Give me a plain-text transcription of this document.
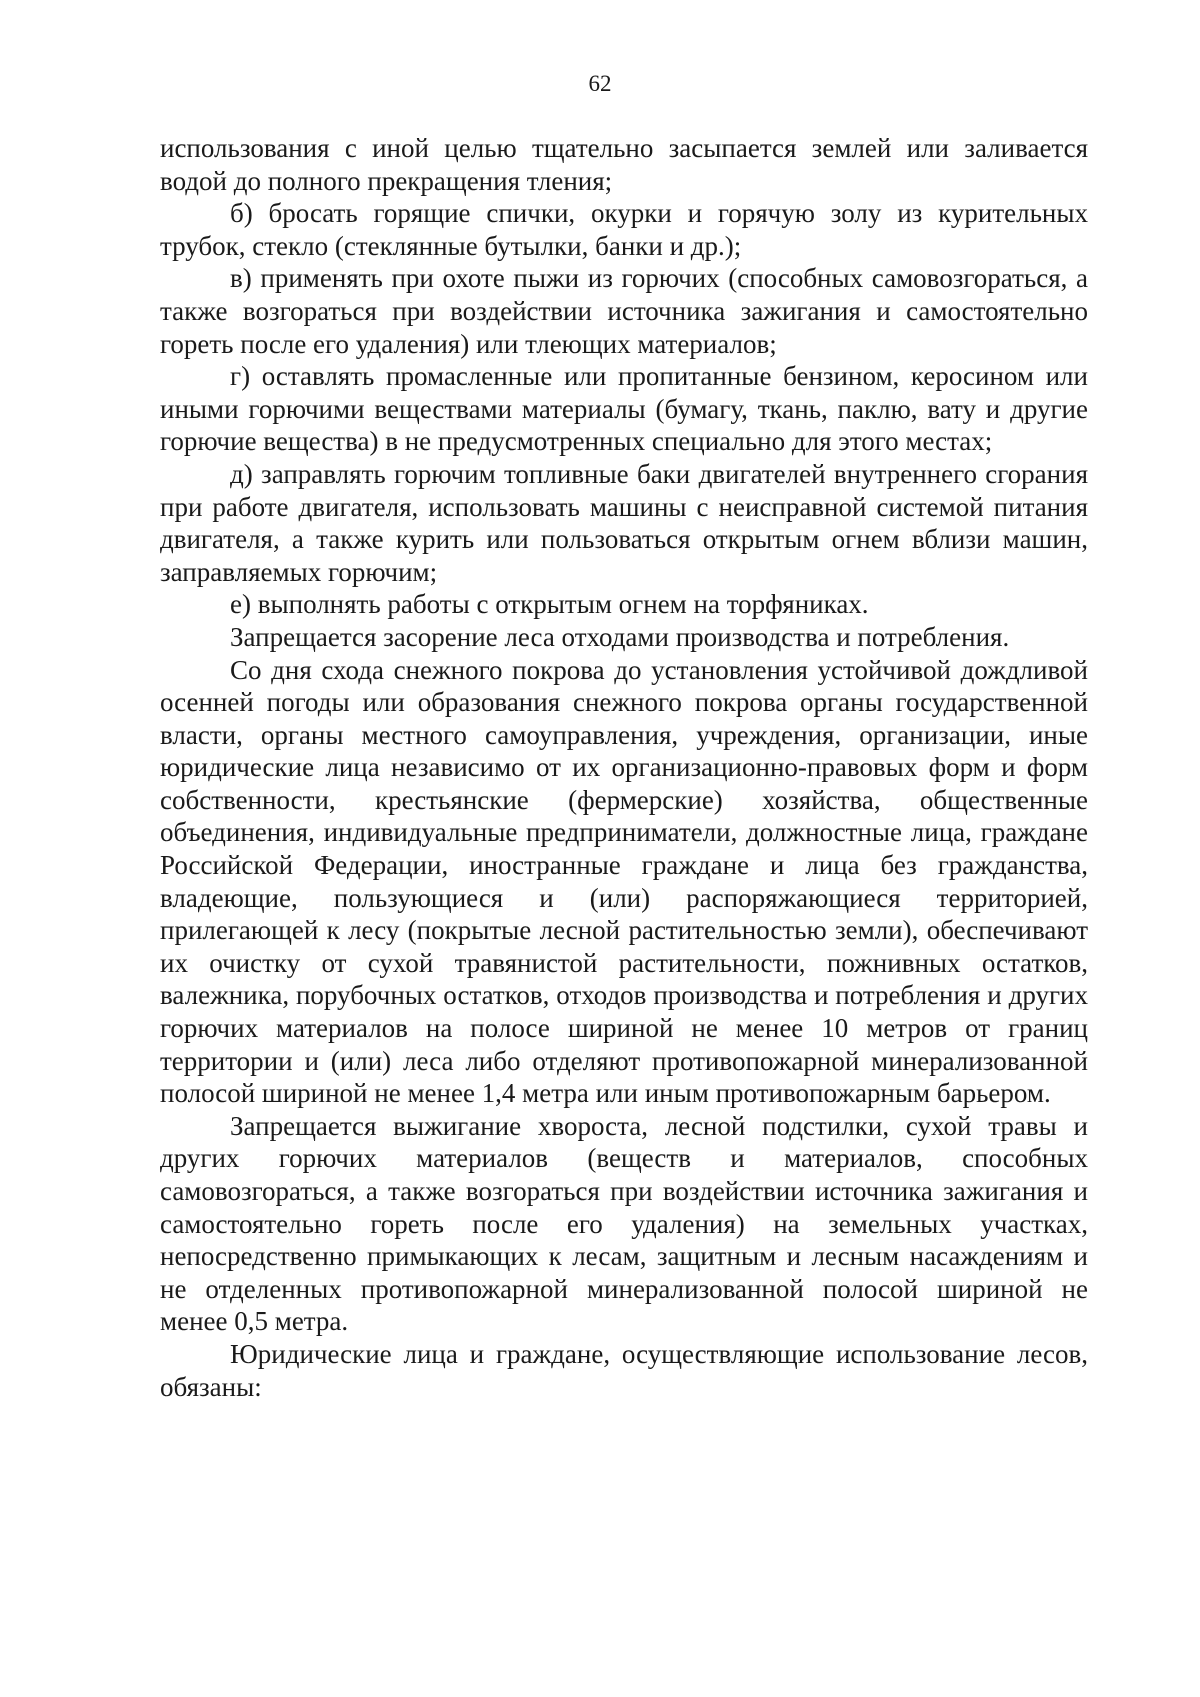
62

использования с иной целью тщательно засыпается землей или заливается водой до полного прекращения тления;

б) бросать горящие спички, окурки и горячую золу из курительных трубок, стекло (стеклянные бутылки, банки и др.);

в) применять при охоте пыжи из горючих (способных самовозгораться, а также возгораться при воздействии источника зажигания и самостоятельно гореть после его удаления) или тлеющих материалов;

г) оставлять промасленные или пропитанные бензином, керосином или иными горючими веществами материалы (бумагу, ткань, паклю, вату и другие горючие вещества) в не предусмотренных специально для этого местах;

д) заправлять горючим топливные баки двигателей внутреннего сгорания при работе двигателя, использовать машины с неисправной системой питания двигателя, а также курить или пользоваться открытым огнем вблизи машин, заправляемых горючим;

е) выполнять работы с открытым огнем на торфяниках.

Запрещается засорение леса отходами производства и потребления.

Со дня схода снежного покрова до установления устойчивой дождливой осенней погоды или образования снежного покрова органы государственной власти, органы местного самоуправления, учреждения, организации, иные юридические лица независимо от их организационно-правовых форм и форм собственности, крестьянские (фермерские) хозяйства, общественные объединения, индивидуальные предприниматели, должностные лица, граждане Российской Федерации, иностранные граждане и лица без гражданства, владеющие, пользующиеся и (или) распоряжающиеся территорией, прилегающей к лесу (покрытые лесной растительностью земли), обеспечивают их очистку от сухой травянистой растительности, пожнивных остатков, валежника, порубочных остатков, отходов производства и потребления и других горючих материалов на полосе шириной не менее 10 метров от границ территории и (или) леса либо отделяют противопожарной минерализованной полосой шириной не менее 1,4 метра или иным противопожарным барьером.

Запрещается выжигание хвороста, лесной подстилки, сухой травы и других горючих материалов (веществ и материалов, способных самовозгораться, а также возгораться при воздействии источника зажигания и самостоятельно гореть после его удаления) на земельных участках, непосредственно примыкающих к лесам, защитным и лесным насаждениям и не отделенных противопожарной минерализованной полосой шириной не менее 0,5 метра.

Юридические лица и граждане, осуществляющие использование лесов, обязаны:
